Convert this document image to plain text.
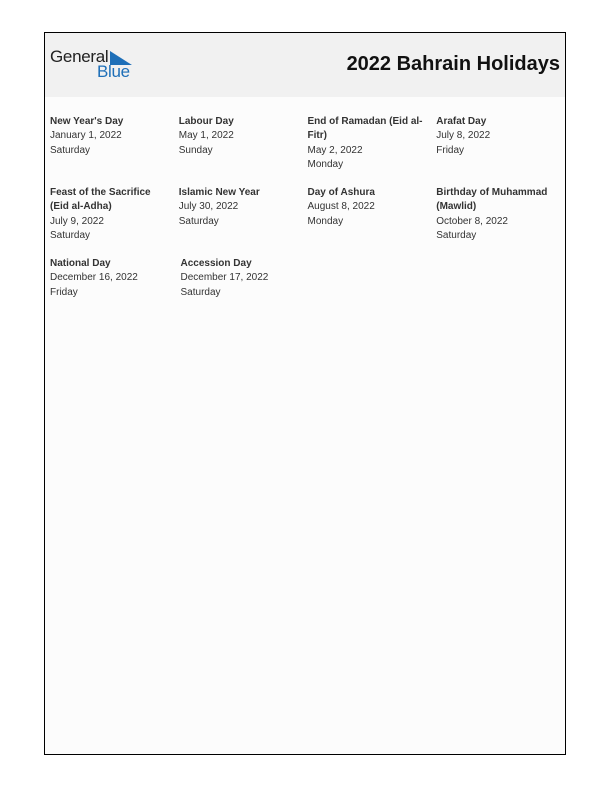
General
Blue	2022 Bahrain Holidays
New Year's Day
January 1, 2022
Saturday
Labour Day
May 1, 2022
Sunday
End of Ramadan (Eid al-Fitr)
May 2, 2022
Monday
Arafat Day
July 8, 2022
Friday
Feast of the Sacrifice (Eid al-Adha)
July 9, 2022
Saturday
Islamic New Year
July 30, 2022
Saturday
Day of Ashura
August 8, 2022
Monday
Birthday of Muhammad (Mawlid)
October 8, 2022
Saturday
National Day
December 16, 2022
Friday
Accession Day
December 17, 2022
Saturday
